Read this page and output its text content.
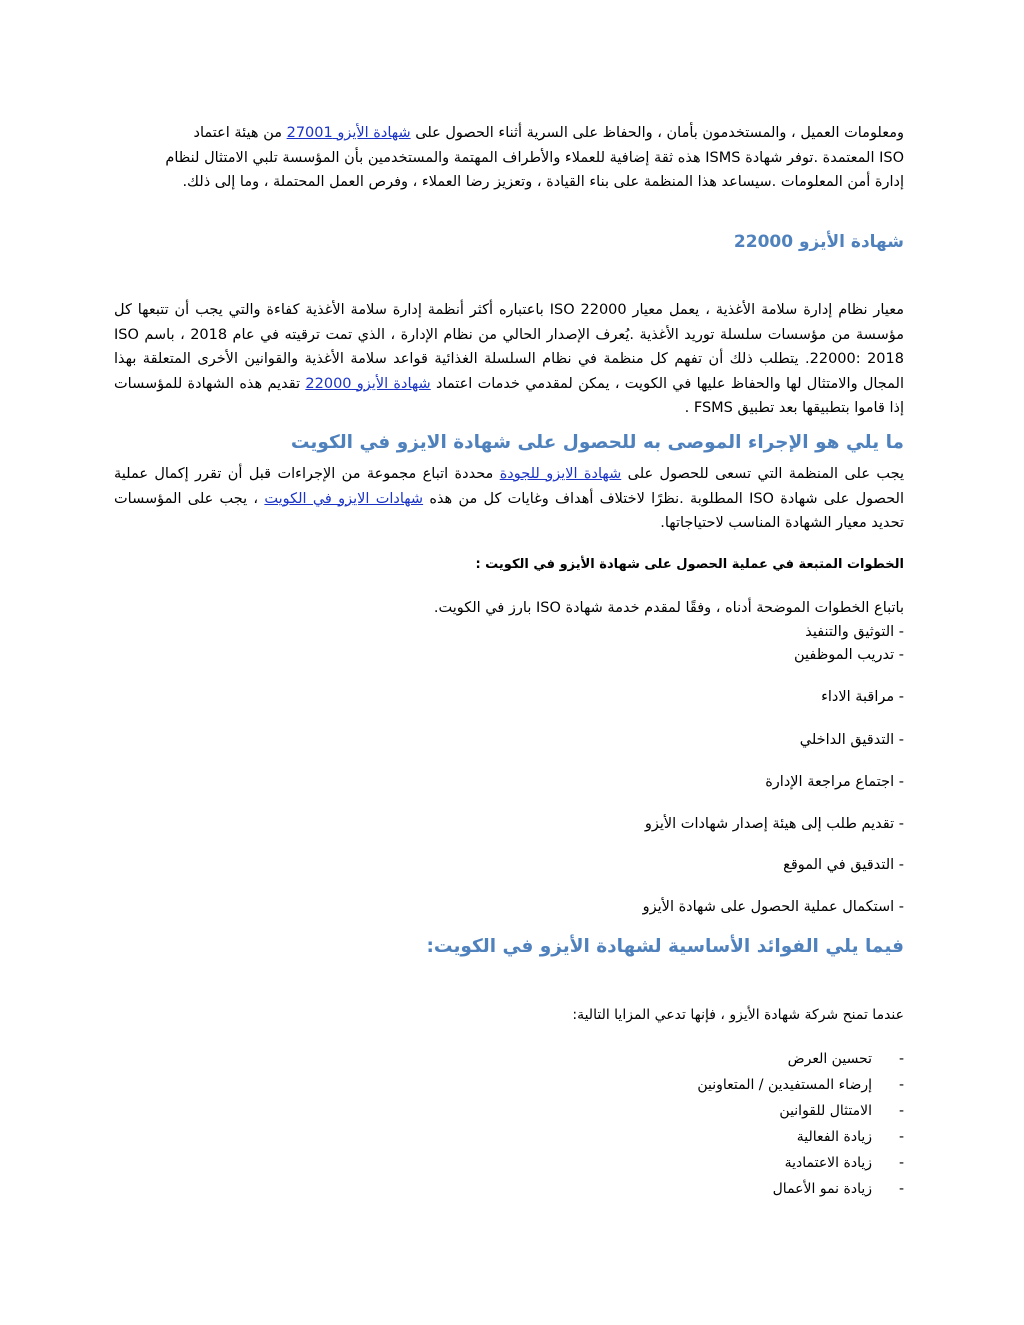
ومعلومات العميل ، والمستخدمون بأمان ، والحفاظ على السرية أثناء الحصول على شهادة الأيزو 27001 من هيئة اعتماد

ISO المعتمدة .توفر شهادة ISMS هذه ثقة إضافية للعملاء والأطراف المهتمة والمستخدمين بأن المؤسسة تلبي الامتثال لنظام

إدارة أمن المعلومات .سيساعد هذا المنظمة على بناء القيادة ، وتعزيز رضا العملاء ، وفرص العمل المحتملة ، وما إلى ذلك.

شهادة الأيزو 22000

معيار نظام إدارة سلامة الأغذية ، يعمل معيار ISO 22000 باعتباره أكثر أنظمة إدارة سلامة الأغذية كفاءة والتي يجب أن تتبعها كل مؤسسة من مؤسسات سلسلة توريد الأغذية .يُعرف الإصدار الحالي من نظام الإدارة ، الذي تمت ترقيته في عام 2018 ، باسم ISO 22000: 2018. يتطلب ذلك أن تفهم كل منظمة في نظام السلسلة الغذائية قواعد سلامة الأغذية والقوانين الأخرى المتعلقة بهذا المجال والامتثال لها والحفاظ عليها في الكويت ، يمكن لمقدمي خدمات اعتماد شهادة الأيزو 22000 تقديم هذه الشهادة للمؤسسات إذا قاموا بتطبيقها بعد تطبيق FSMS .

ما يلي هو الإجراء الموصى به للحصول على شهادة الايزو في الكويت

يجب على المنظمة التي تسعى للحصول على شهادة الايزو للجودة محددة اتباع مجموعة من الإجراءات قبل أن تقرر إكمال عملية الحصول على شهادة ISO المطلوبة .نظرًا لاختلاف أهداف وغايات كل من هذه شهادات الايزو في الكويت ، يجب على المؤسسات تحديد معيار الشهادة المناسب لاحتياجاتها.

الخطوات المتبعة في عملية الحصول على شهادة الأيزو في الكويت :
باتباع الخطوات الموضحة أدناه ، وفقًا لمقدم خدمة شهادة ISO بارز في الكويت.
- التوثيق والتنفيذ
- تدريب الموظفين
- مراقبة الاداء
- التدقيق الداخلي
- اجتماع مراجعة الإدارة
- تقديم طلب إلى هيئة إصدار شهادات الأيزو
- التدقيق في الموقع
- استكمال عملية الحصول على شهادة الأيزو
فيما يلي الفوائد الأساسية لشهادة الأيزو في الكويت:
عندما تمنح شركة شهادة الأيزو ، فإنها تدعي المزايا التالية:
-تحسين العرض
-إرضاء المستفيدين / المتعاونين
-الامتثال للقوانين
-زيادة الفعالية
-زيادة الاعتمادية
-زيادة نمو الأعمال
